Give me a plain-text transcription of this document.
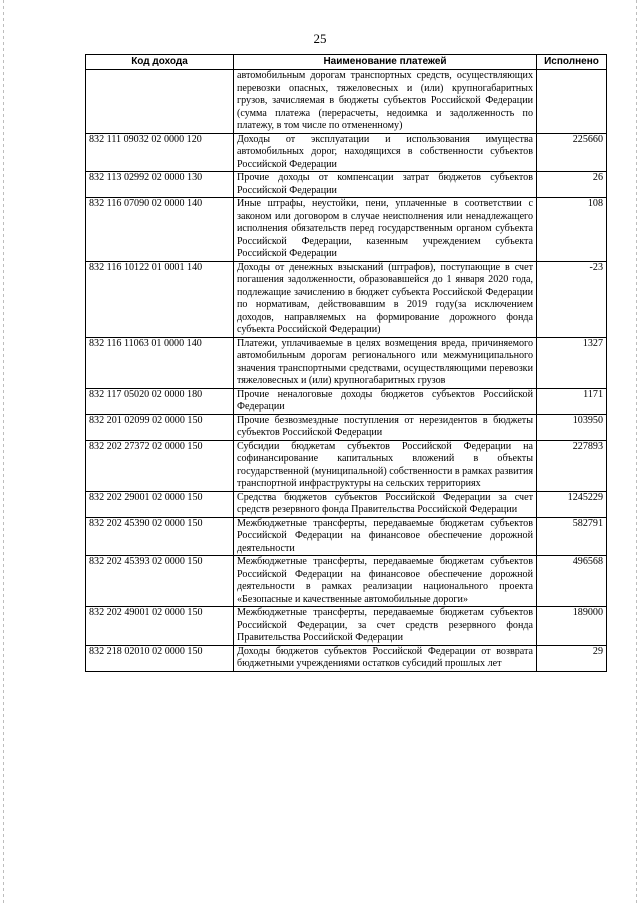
25
Код дохода	Наименование платежей	Исполнено
	автомобильным дорогам транспортных средств, осуществляющих перевозки опасных, тяжеловесных и (или) крупногабаритных грузов, зачисляемая в бюджеты субъектов Российской Федерации (сумма платежа (перерасчеты, недоимка и задолженность по платежу, в том числе по отмененному)	
832 111 09032 02 0000 120	Доходы от эксплуатации и использования имущества автомобильных дорог, находящихся в собственности субъектов Российской Федерации	225660
832 113 02992 02 0000 130	Прочие доходы от компенсации затрат бюджетов субъектов Российской Федерации	26
832 116 07090 02 0000 140	Иные штрафы, неустойки, пени, уплаченные в соответствии с законом или договором в случае неисполнения или ненадлежащего исполнения обязательств перед государственным органом субъекта Российской Федерации, казенным учреждением субъекта Российской Федерации	108
832 116 10122 01 0001 140	Доходы от денежных взысканий (штрафов), поступающие в счет погашения задолженности, образовавшейся до 1 января 2020 года, подлежащие зачислению в бюджет субъекта Российской Федерации по нормативам, действовавшим в 2019 году(за исключением доходов, направляемых на формирование дорожного фонда субъекта Российской Федерации)	-23
832 116 11063 01 0000 140	Платежи, уплачиваемые в целях возмещения вреда, причиняемого автомобильным дорогам регионального или межмуниципального значения транспортными средствами, осуществляющими перевозки тяжеловесных и (или) крупногабаритных грузов	1327
832 117 05020 02 0000 180	Прочие неналоговые доходы бюджетов субъектов Российской Федерации	1171
832 201 02099 02 0000 150	Прочие безвозмездные поступления от нерезидентов в бюджеты субъектов Российской Федерации	103950
832 202 27372 02 0000 150	Субсидии бюджетам субъектов Российской Федерации на софинансирование капитальных вложений в объекты государственной (муниципальной) собственности в рамках развития транспортной инфраструктуры на сельских территориях	227893
832 202 29001 02 0000 150	Средства бюджетов субъектов Российской Федерации за счет средств резервного фонда Правительства Российской Федерации	1245229
832 202 45390 02 0000 150	Межбюджетные трансферты, передаваемые бюджетам субъектов Российской Федерации на финансовое обеспечение дорожной деятельности	582791
832 202 45393 02 0000 150	Межбюджетные трансферты, передаваемые бюджетам субъектов Российской Федерации на финансовое обеспечение дорожной деятельности в рамках реализации национального проекта «Безопасные и качественные автомобильные дороги»	496568
832 202 49001 02 0000 150	Межбюджетные трансферты, передаваемые бюджетам субъектов Российской Федерации, за счет средств резервного фонда Правительства Российской Федерации	189000
832 218 02010 02 0000 150	Доходы бюджетов субъектов Российской Федерации от возврата бюджетными учреждениями остатков субсидий прошлых лет	29
